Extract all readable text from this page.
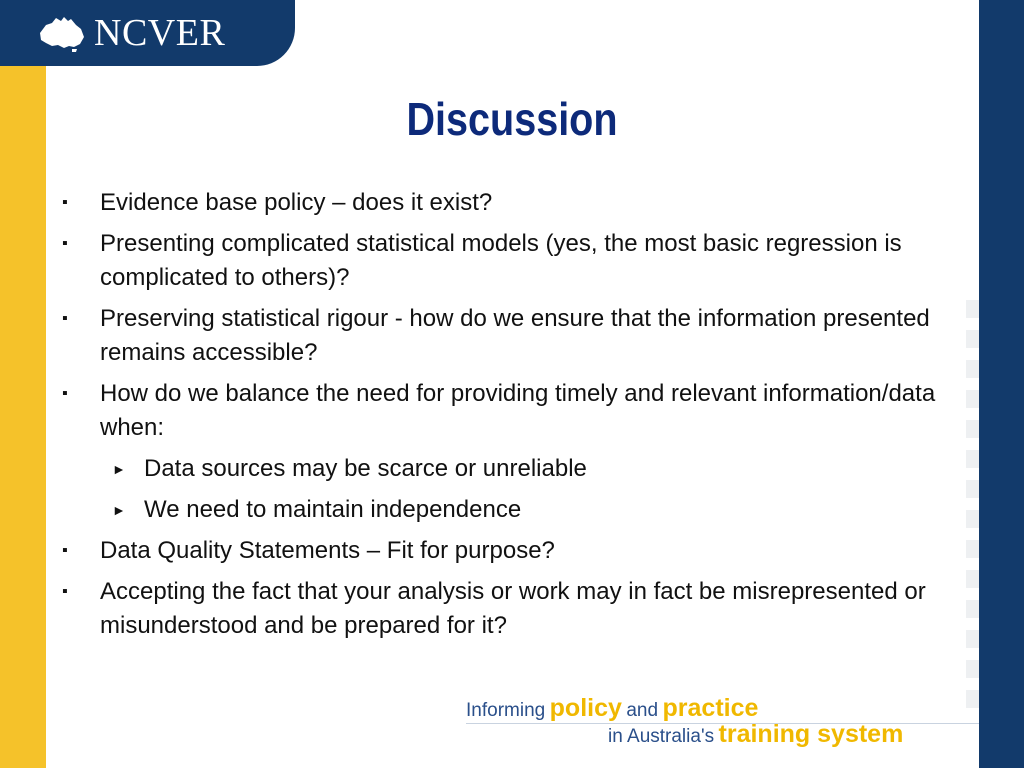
NCVER
Discussion
▪ Evidence base policy – does it exist?
▪ Presenting complicated statistical models (yes, the most basic regression is complicated to others)?
▪ Preserving statistical rigour - how do we ensure that the information presented remains accessible?
▪ How do we balance the need for providing timely and relevant information/data when:
► Data sources may be scarce or unreliable
► We need to maintain independence
▪ Data Quality Statements – Fit for purpose?
▪ Accepting the fact that your analysis or work may in fact be misrepresented or misunderstood and be prepared for it?
Informing policy and practice
in Australia's training system
